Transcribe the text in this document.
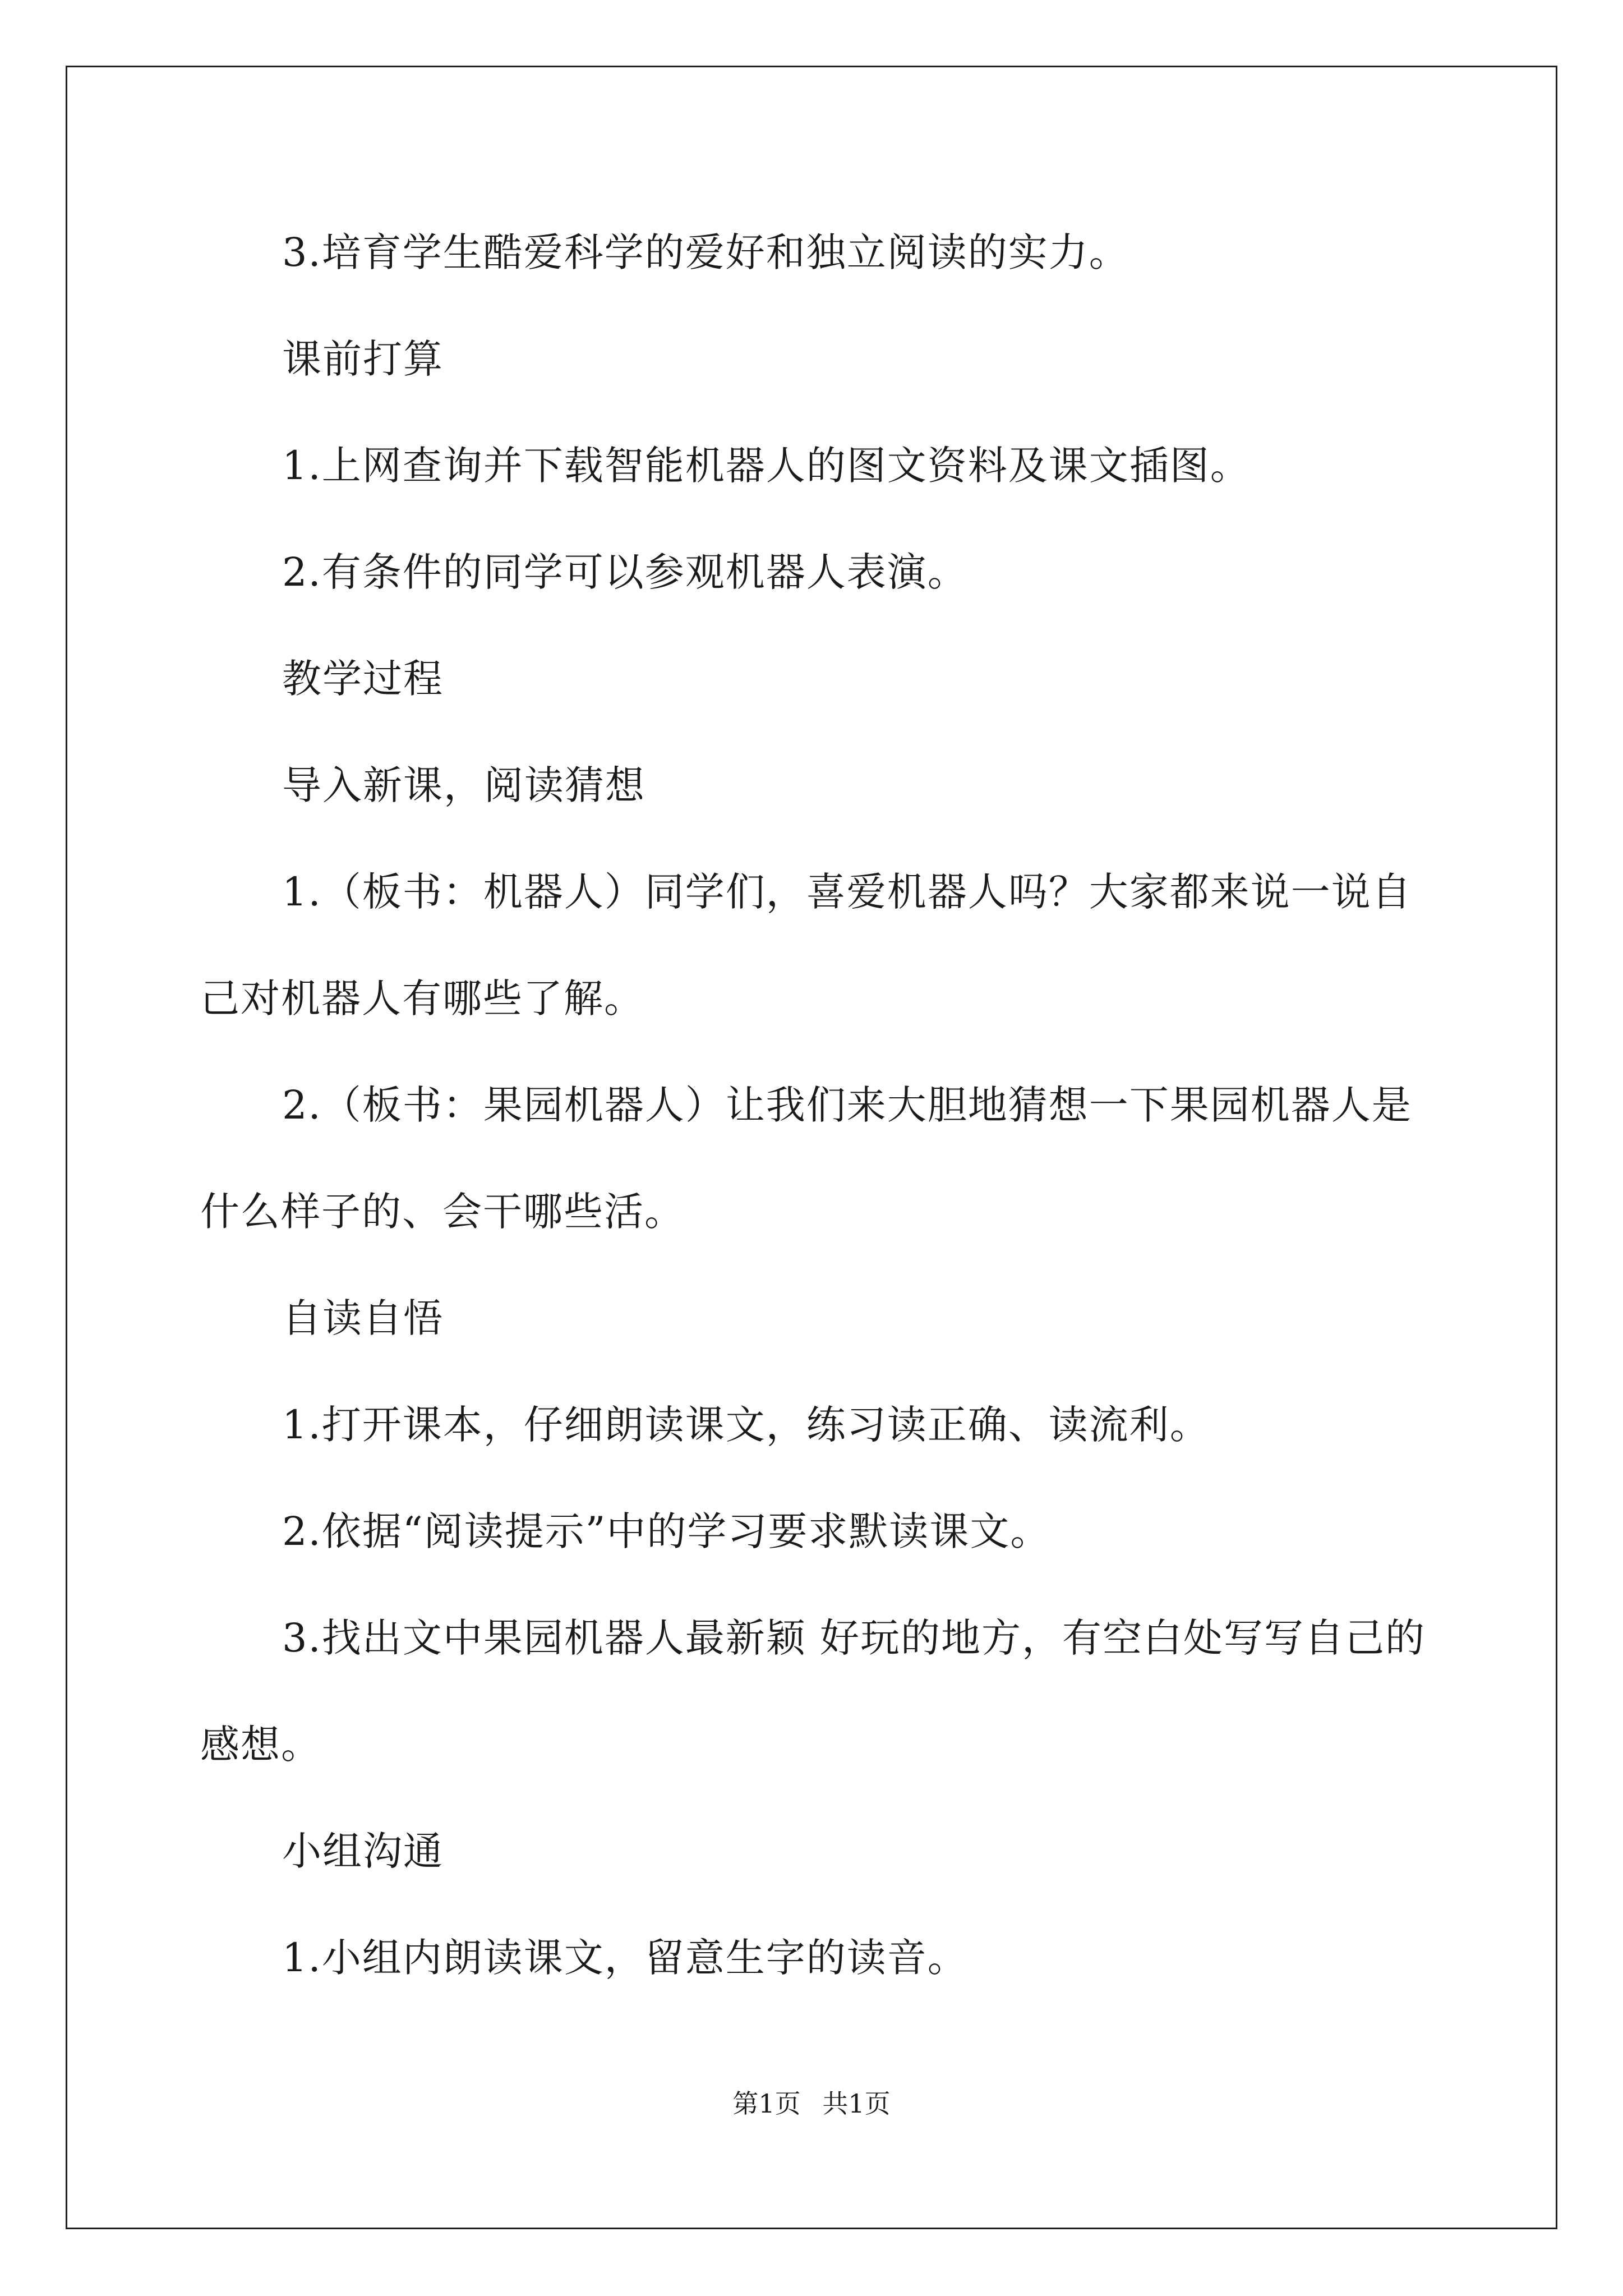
3.培育学生酷爱科学的爱好和独立阅读的实力。
课前打算
1.上网查询并下载智能机器人的图文资料及课文插图。
2.有条件的同学可以参观机器人表演。
教学过程
导入新课，阅读猜想
1.（板书：机器人）同学们，喜爱机器人吗？大家都来说一说自
己对机器人有哪些了解。
2.（板书：果园机器人）让我们来大胆地猜想一下果园机器人是
什么样子的、会干哪些活。
自读自悟
1.打开课本，仔细朗读课文，练习读正确、读流利。
2.依据“阅读提示”中的学习要求默读课文。
3.找出文中果园机器人最新颖 好玩的地方，有空白处写写自己的
感想。
小组沟通
1.小组内朗读课文，留意生字的读音。
第1页 共1页
